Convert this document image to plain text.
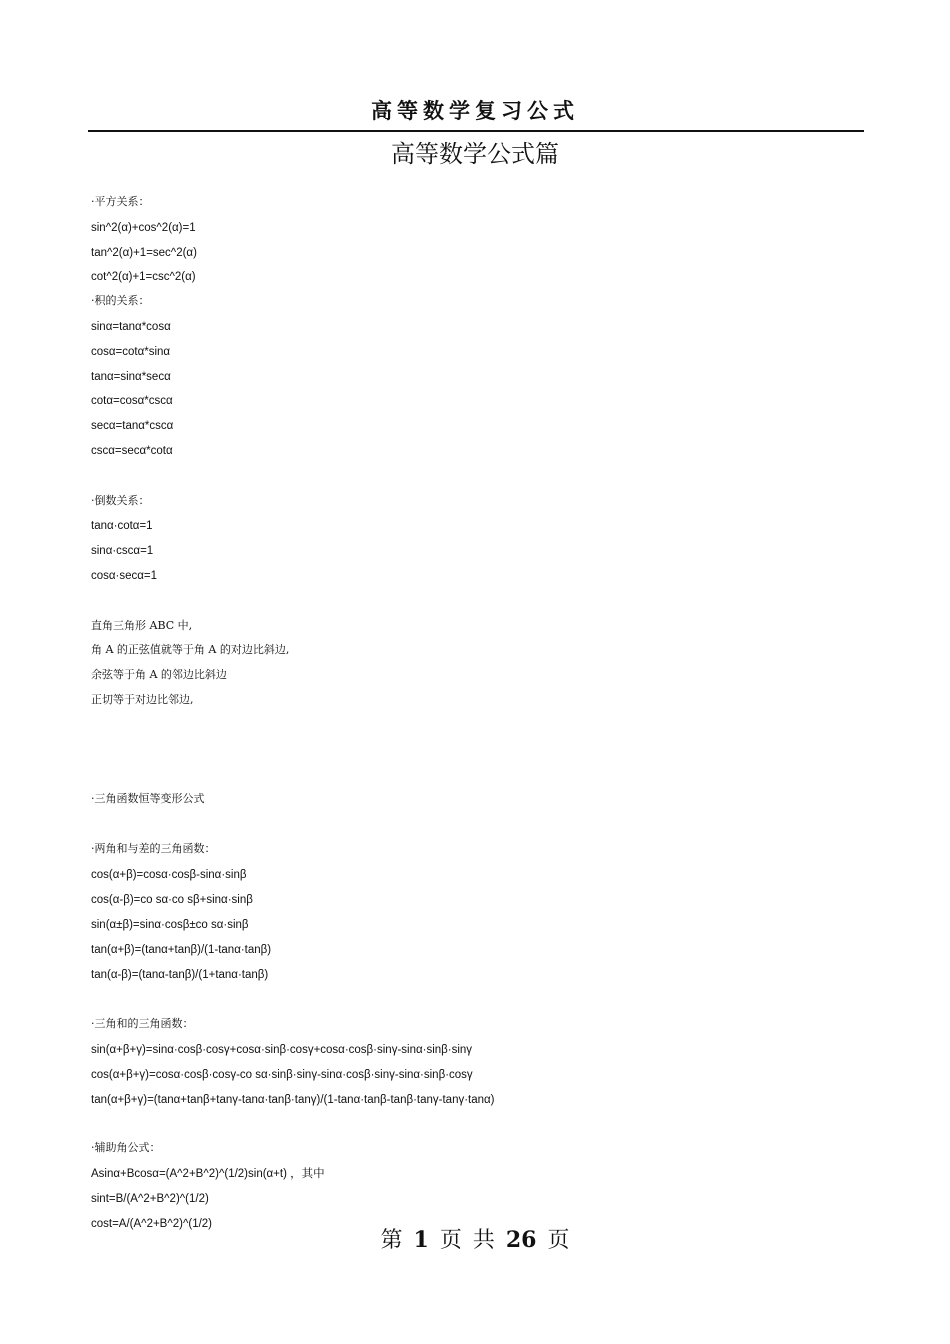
高等数学复习公式
高等数学公式篇
·平方关系：
sin^2(α)+cos^2(α)=1
tan^2(α)+1=sec^2(α)
cot^2(α)+1=csc^2(α)
·积的关系：
sinα=tanα*cosα
cosα=cotα*sinα
tanα=sinα*secα
cotα=cosα*cscα
secα=tanα*cscα
cscα=secα*cotα
·倒数关系：
tanα·cotα=1
sinα·cscα=1
cosα·secα=1
直角三角形 ABC 中,
角 A 的正弦值就等于角 A 的对边比斜边,
余弦等于角 A 的邻边比斜边
正切等于对边比邻边,
·三角函数恒等变形公式
·两角和与差的三角函数：
cos(α+β)=cosα·cosβ-sinα·sinβ
cos(α-β)=co sα·co sβ+sinα·sinβ
sin(α±β)=sinα·cosβ±co sα·sinβ
tan(α+β)=(tanα+tanβ)/(1-tanα·tanβ)
tan(α-β)=(tanα-tanβ)/(1+tanα·tanβ)
·三角和的三角函数：
sin(α+β+γ)=sinα·cosβ·cosγ+cosα·sinβ·cosγ+cosα·cosβ·sinγ-sinα·sinβ·sinγ
cos(α+β+γ)=cosα·cosβ·cosγ-co sα·sinβ·sinγ-sinα·cosβ·sinγ-sinα·sinβ·cosγ
tan(α+β+γ)=(tanα+tanβ+tanγ-tanα·tanβ·tanγ)/(1-tanα·tanβ-tanβ·tanγ-tanγ·tanα)
·辅助角公式：
Asinα+Bcosα=(A^2+B^2)^(1/2)sin(α+t) ，其中
sint=B/(A^2+B^2)^(1/2)
cost=A/(A^2+B^2)^(1/2)
第 1 页 共 26 页
